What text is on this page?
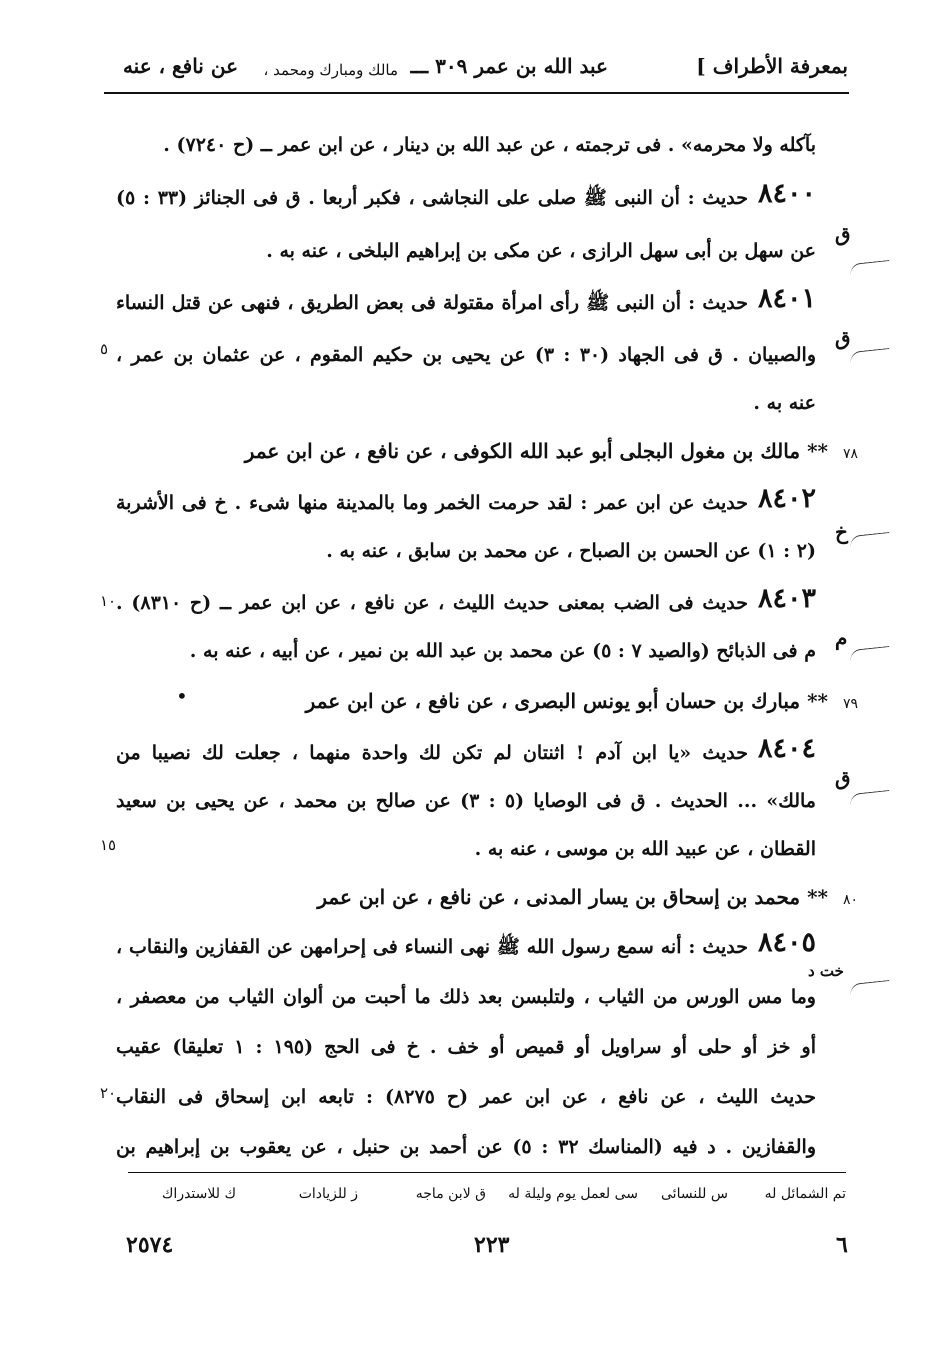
بمعرفة الأطراف ]
عبد الله بن عمر ٣٠٩ ـــ
مالك ومبارك ومحمد ،
عن نافع ، عنه
بآكله ولا محرمه» . فى ترجمته ، عن عبد الله بن دينار ، عن ابن عمر ــ (ح ٧٢٤٠) .
٨٤٠٠
حديث : أن النبى ﷺ صلى على النجاشى ، فكبر أربعا . ق فى الجنائز (٣٣ : ٥)
ق
عن سهل بن أبى سهل الرازى ، عن مكى بن إبراهيم البلخى ، عنه به .
٨٤٠١
حديث : أن النبى ﷺ رأى امرأة مقتولة فى بعض الطريق ، فنهى عن قتل النساء
ق
والصبيان . ق فى الجهاد (٣٠ : ٣) عن يحيى بن حكيم المقوم ، عن عثمان بن عمر ،
٥
عنه به .
٧٨ ** مالك بن مغول البجلى أبو عبد الله الكوفى ، عن نافع ، عن ابن عمر
٨٤٠٢
حديث عن ابن عمر : لقد حرمت الخمر وما بالمدينة منها شىء . خ فى الأشربة
خ
(٢ : ١) عن الحسن بن الصباح ، عن محمد بن سابق ، عنه به .
٨٤٠٣
حديث فى الضب بمعنى حديث الليث ، عن نافع ، عن ابن عمر ــ (ح ٨٣١٠) .
١٠
م
م فى الذبائح (والصيد ٧ : ٥) عن محمد بن عبد الله بن نمير ، عن أبيه ، عنه به .
٧٩ ** مبارك بن حسان أبو يونس البصرى ، عن نافع ، عن ابن عمر
•
٨٤٠٤
حديث «يا ابن آدم ! اثنتان لم تكن لك واحدة منهما ، جعلت لك نصيبا من
ق
مالك» ... الحديث . ق فى الوصايا (٥ : ٣) عن صالح بن محمد ، عن يحيى بن سعيد
القطان ، عن عبيد الله بن موسى ، عنه به .
١٥
٨٠ ** محمد بن إسحاق بن يسار المدنى ، عن نافع ، عن ابن عمر
٨٤٠٥
حديث : أنه سمع رسول الله ﷺ نهى النساء فى إحرامهن عن القفازين والنقاب ،
خت د
وما مس الورس من الثياب ، ولتلبسن بعد ذلك ما أحبت من ألوان الثياب من معصفر ،
أو خز أو حلى أو سراويل أو قميص أو خف . خ فى الحج (١٩٥ : ١ تعليقا) عقيب
حديث الليث ، عن نافع ، عن ابن عمر (ح ٨٢٧٥) : تابعه ابن إسحاق فى النقاب
٢٠
والقفازين . د فيه (المناسك ٣٢ : ٥) عن أحمد بن حنبل ، عن يعقوب بن إبراهيم بن
تم الشمائل له
س للنسائى
سى لعمل يوم وليلة له
ق لابن ماجه
ز للزيادات
ك للاستدراك
٢٥٧٤	٢٢٣	٦
